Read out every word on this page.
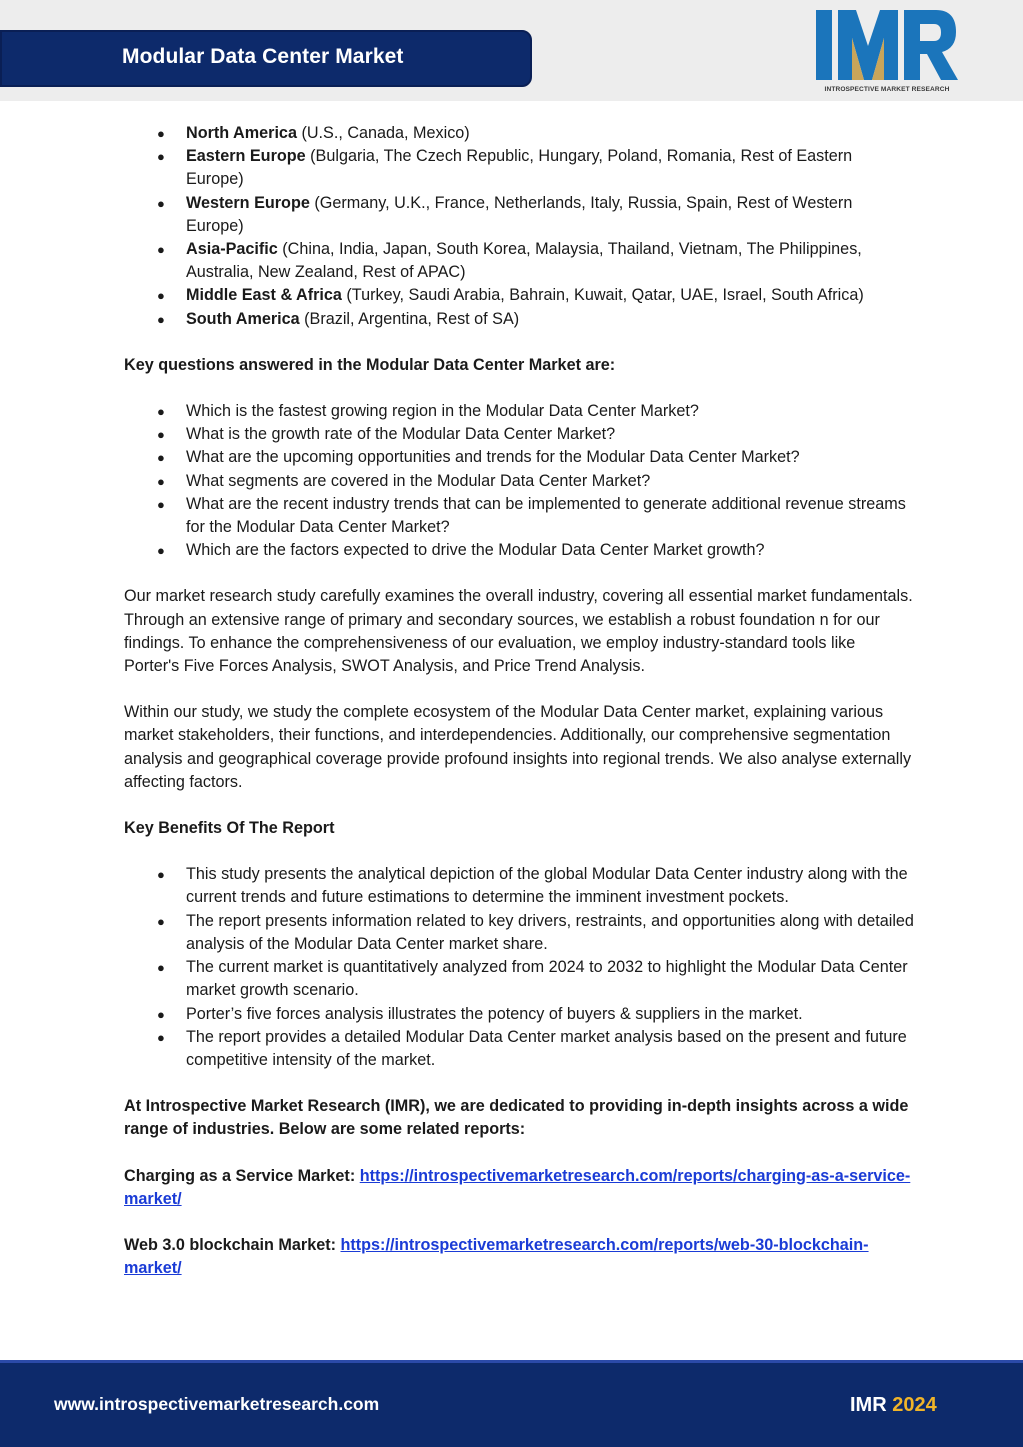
Modular Data Center Market
INTROSPECTIVE MARKET RESEARCH
● North America (U.S., Canada, Mexico)
● Eastern Europe (Bulgaria, The Czech Republic, Hungary, Poland, Romania, Rest of Eastern Europe)
● Western Europe (Germany, U.K., France, Netherlands, Italy, Russia, Spain, Rest of Western Europe)
● Asia-Pacific (China, India, Japan, South Korea, Malaysia, Thailand, Vietnam, The Philippines, Australia, New Zealand, Rest of APAC)
● Middle East & Africa (Turkey, Saudi Arabia, Bahrain, Kuwait, Qatar, UAE, Israel, South Africa)
● South America (Brazil, Argentina, Rest of SA)

Key questions answered in the Modular Data Center Market are:

● Which is the fastest growing region in the Modular Data Center Market?
● What is the growth rate of the Modular Data Center Market?
● What are the upcoming opportunities and trends for the Modular Data Center Market?
● What segments are covered in the Modular Data Center Market?
● What are the recent industry trends that can be implemented to generate additional revenue streams for the Modular Data Center Market?
● Which are the factors expected to drive the Modular Data Center Market growth?

Our market research study carefully examines the overall industry, covering all essential market fundamentals. Through an extensive range of primary and secondary sources, we establish a robust foundation n for our findings. To enhance the comprehensiveness of our evaluation, we employ industry-standard tools like Porter's Five Forces Analysis, SWOT Analysis, and Price Trend Analysis.

Within our study, we study the complete ecosystem of the Modular Data Center market, explaining various market stakeholders, their functions, and interdependencies. Additionally, our comprehensive segmentation analysis and geographical coverage provide profound insights into regional trends. We also analyse externally affecting factors.

Key Benefits Of The Report

● This study presents the analytical depiction of the global Modular Data Center industry along with the current trends and future estimations to determine the imminent investment pockets.
● The report presents information related to key drivers, restraints, and opportunities along with detailed analysis of the Modular Data Center market share.
● The current market is quantitatively analyzed from 2024 to 2032 to highlight the Modular Data Center market growth scenario.
● Porter’s five forces analysis illustrates the potency of buyers & suppliers in the market.
● The report provides a detailed Modular Data Center market analysis based on the present and future competitive intensity of the market.

At Introspective Market Research (IMR), we are dedicated to providing in-depth insights across a wide range of industries. Below are some related reports:

Charging as a Service Market: https://introspectivemarketresearch.com/reports/charging-as-a-service-market/

Web 3.0 blockchain Market: https://introspectivemarketresearch.com/reports/web-30-blockchain-market/

www.introspectivemarketresearch.com	IMR 2024
